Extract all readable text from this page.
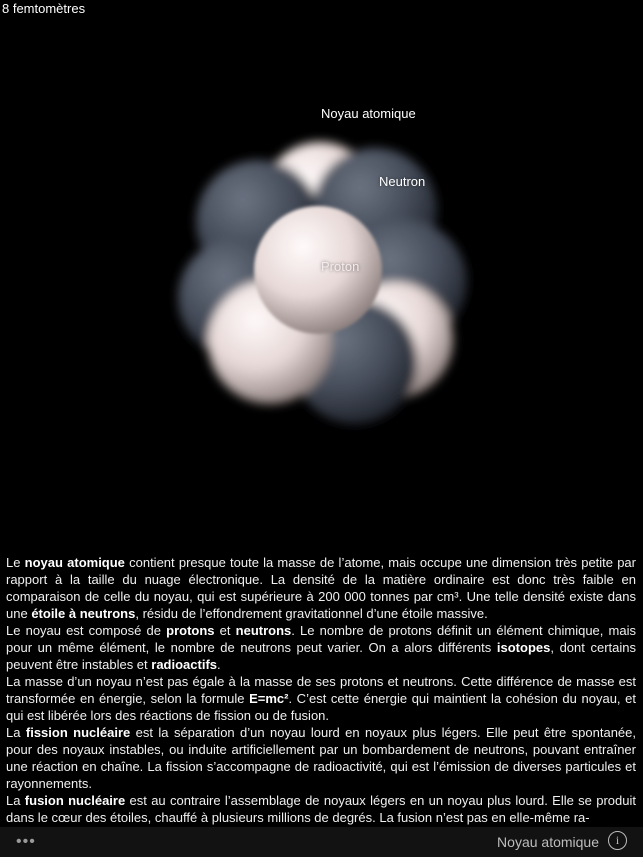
8 femtomètres
Noyau atomique
Neutron
Proton

Le noyau atomique contient presque toute la masse de l’atome, mais occupe une dimension très petite par rapport à la taille du nuage électronique. La densité de la matière ordinaire est donc très faible en comparaison de celle du noyau, qui est supérieure à 200 000 tonnes par cm³. Une telle densité existe dans une étoile à neutrons, résidu de l’effondrement gravitationnel d’une étoile massive.

Le noyau est composé de protons et neutrons. Le nombre de protons définit un élément chimique, mais pour un même élément, le nombre de neutrons peut varier. On a alors différents isotopes, dont certains peuvent être instables et radioactifs.

La masse d’un noyau n’est pas égale à la masse de ses protons et neutrons. Cette différence de masse est transformée en énergie, selon la formule E=mc². C’est cette énergie qui maintient la cohésion du noyau, et qui est libérée lors des réactions de fission ou de fusion.

La fission nucléaire est la séparation d’un noyau lourd en noyaux plus légers. Elle peut être spontanée, pour des noyaux instables, ou induite artificiellement par un bombardement de neutrons, pouvant entraîner une réaction en chaîne. La fission s’accompagne de radioactivité, qui est l’émission de diverses particules et rayonnements.

La fusion nucléaire est au contraire l’assemblage de noyaux légers en un noyau plus lourd. Elle se produit dans le cœur des étoiles, chauffé à plusieurs millions de degrés. La fusion n’est pas en elle-même ra-

•••	Noyau atomique	i
